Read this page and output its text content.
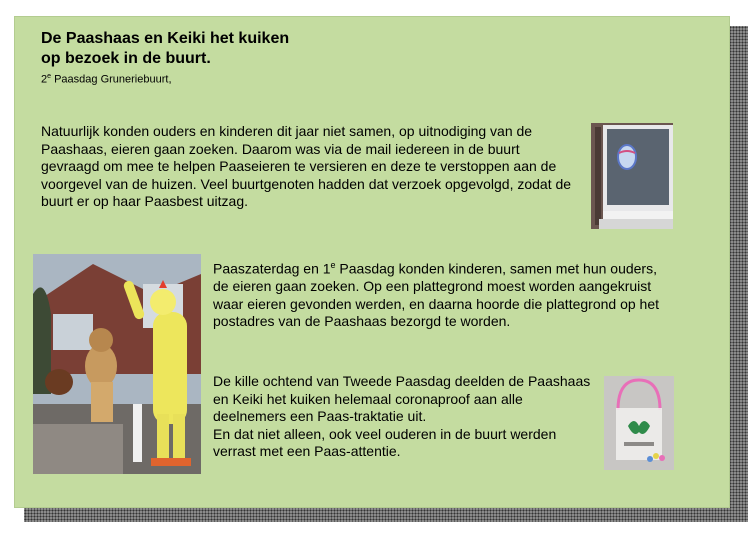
De Paashaas en Keiki het kuiken
op bezoek in de buurt.

2e Paasdag Gruneriebuurt,

Natuurlijk konden ouders en kinderen dit jaar niet samen, op uitnodiging van de Paashaas, eieren gaan zoeken. Daarom was via de mail iedereen in de buurt gevraagd om mee te helpen Paaseieren te versieren en deze te verstoppen aan de voorgevel van de huizen. Veel buurtgenoten hadden dat verzoek opgevolgd, zodat de buurt er op haar Paasbest uitzag.

Paaszaterdag en 1e Paasdag konden kinderen, samen met hun ouders, de eieren gaan zoeken. Op een plattegrond moest worden aangekruist waar eieren gevonden werden, en daarna hoorde die plattegrond op het postadres van de Paashaas bezorgd te worden.

De kille ochtend van Tweede Paasdag deelden de Paashaas en Keiki het kuiken helemaal coronaproof aan alle deelnemers een Paas-traktatie uit.
En dat niet alleen, ook veel ouderen in de buurt werden verrast met een Paas-attentie.
